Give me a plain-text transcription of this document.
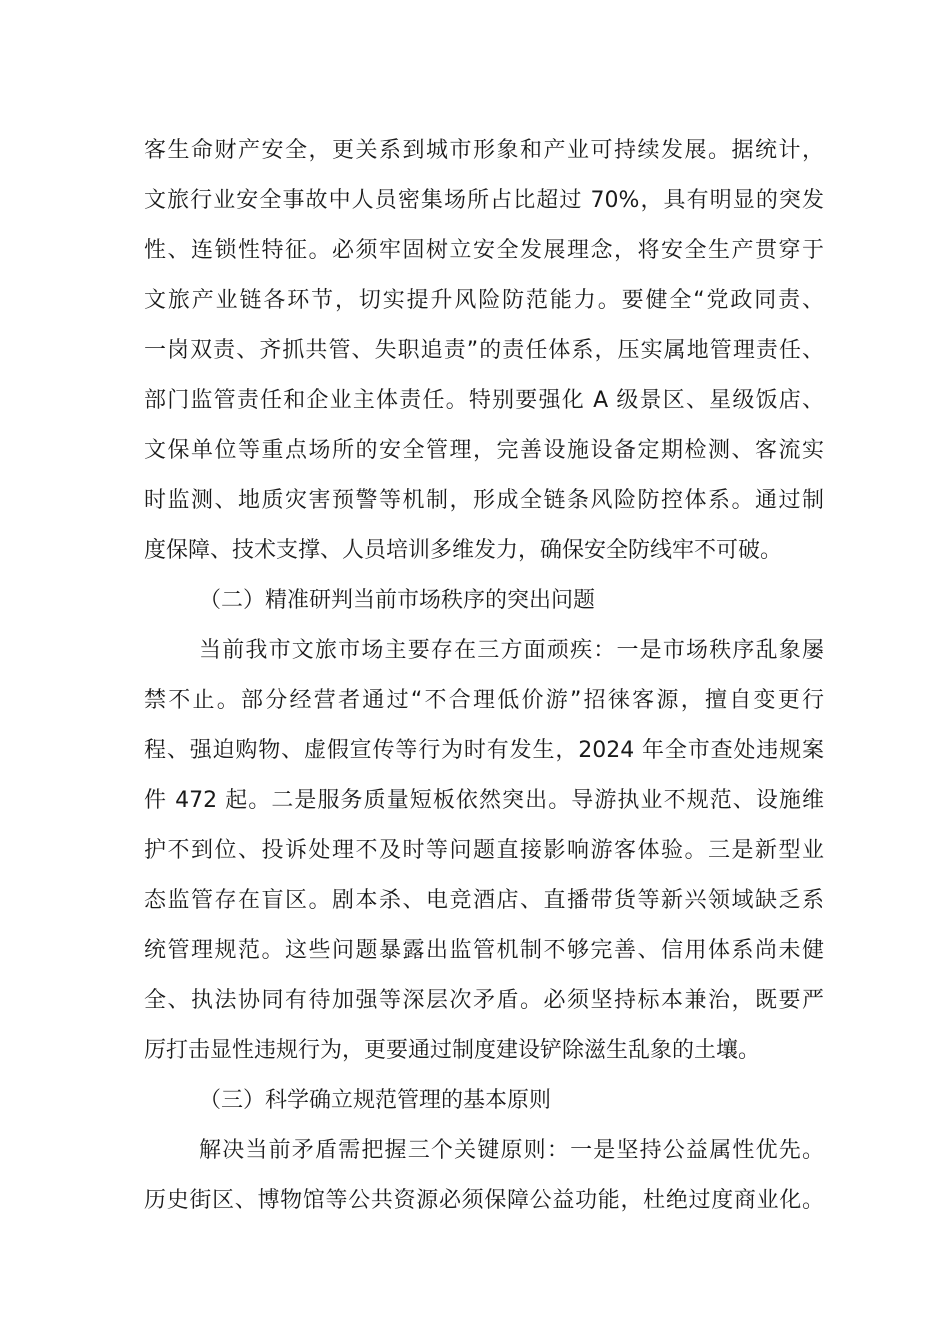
客生命财产安全，更关系到城市形象和产业可持续发展。据统计，
文旅行业安全事故中人员密集场所占比超过 70%，具有明显的突发
性、连锁性特征。必须牢固树立安全发展理念，将安全生产贯穿于
文旅产业链各环节，切实提升风险防范能力。要健全“党政同责、
一岗双责、齐抓共管、失职追责”的责任体系，压实属地管理责任、
部门监管责任和企业主体责任。特别要强化 A 级景区、星级饭店、
文保单位等重点场所的安全管理，完善设施设备定期检测、客流实
时监测、地质灾害预警等机制，形成全链条风险防控体系。通过制
度保障、技术支撑、人员培训多维发力，确保安全防线牢不可破。
（二）精准研判当前市场秩序的突出问题
当前我市文旅市场主要存在三方面顽疾：一是市场秩序乱象屡
禁不止。部分经营者通过“不合理低价游”招徕客源，擅自变更行
程、强迫购物、虚假宣传等行为时有发生，2024 年全市查处违规案
件 472 起。二是服务质量短板依然突出。导游执业不规范、设施维
护不到位、投诉处理不及时等问题直接影响游客体验。三是新型业
态监管存在盲区。剧本杀、电竞酒店、直播带货等新兴领域缺乏系
统管理规范。这些问题暴露出监管机制不够完善、信用体系尚未健
全、执法协同有待加强等深层次矛盾。必须坚持标本兼治，既要严
厉打击显性违规行为，更要通过制度建设铲除滋生乱象的土壤。
（三）科学确立规范管理的基本原则
解决当前矛盾需把握三个关键原则：一是坚持公益属性优先。
历史街区、博物馆等公共资源必须保障公益功能，杜绝过度商业化。
